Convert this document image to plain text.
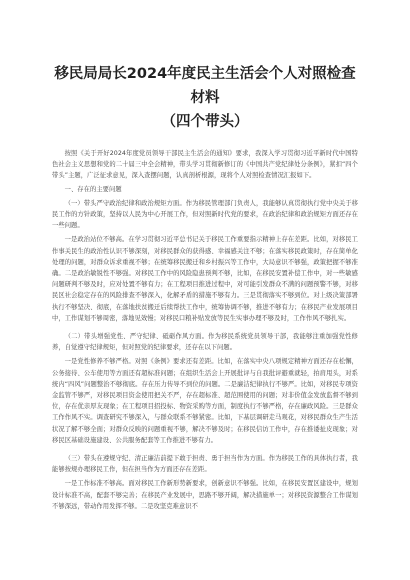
移民局局长2024年度民主生活会个人对照检查材料
（四个带头）

按照《关于开好2024年度党员领导干部民主生活会的通知》要求，我深入学习贯彻习近平新时代中国特色社会主义思想和党的二十届三中全会精神，带头学习贯彻新修订的《中国共产党纪律处分条例》，紧扣“四个带头”主题，广泛征求意见，深入查摆问题，认真剖析根源，现将个人对照检查情况汇报如下。

一、存在的主要问题

（一）带头严守政治纪律和政治规矩方面。作为移民管理部门负责人，我能够认真贯彻执行党中央关于移民工作的方针政策，坚持以人民为中心开展工作，但对照新时代党的要求，在政治纪律和政治规矩方面还存在一些问题。

一是政治站位不够高。在学习贯彻习近平总书记关于移民工作重要指示精神上存在差距。比如，对移民工作事关民生的政治性认识不够深刻，对移民群众的获得感、幸福感关注不够；在落实移民政策时，存在简单化处理的问题，对群众诉求重视不够；在统筹移民搬迁和乡村振兴等工作中，大局意识不够强，政策把握不够准确。二是政治敏锐性不够强。对移民工作中的风险隐患预判不够，比如，在移民安置补偿工作中，对一些敏感问题研判不够及时，应对处置不够有力；在工程项目推进过程中，对可能引发群众不满的问题预警不够，对移民区社会稳定存在的风险排查不够深入，化解矛盾的措施不够有力。三是贯彻落实不够到位。对上级决策部署执行不够坚决、彻底，在落地扶贫搬迁后续帮扶工作中，统筹协调不够，推进不够有力；在移民产业发展项目中，工作谋划不够周密，落地见效慢；对移民口粮补贴发放等民生实事办理不够及时，工作作风不够扎实。

（二）带头增强党性、严守纪律、砥砺作风方面。作为移民系统党员领导干部，我能够注重加强党性修养，自觉遵守纪律规矩，但对照党的纪律要求，还存在以下问题。

一是党性修养不够严格。对照《条例》要求还有差距。比如，在落实中央八项规定精神方面还存在松懈，公务接待、公车使用等方面还有超标准问题；在组织生活会上开展批评与自我批评避重就轻，拍肩甩头，对系统内“四风”问题整治不够彻底。存在压力传导不到位的问题。二是廉洁纪律执行不够严。比如，对移民专项资金监管不够严，对移民项目资金使用把关不严，存在超标准、超范围使用的问题；对非价值金发放监督不够到位，存在优亲厚友现象；在工程项目招投标、物资采购等方面，制度执行不够严格，存在廉政风险。三是群众工作作风不实。调查研究不够深入，与群众联系不够紧密。比如，下基层调研走马观花，对移民群众生产生活状况了解不够全面；对群众反映的问题重视不够，解决不够及时；在移民信访工作中，存在推诿扯皮现象；对移民区基础设施建设、公共服务配套等工作推进不够有力。

（三）带头在遵规守纪、清正廉洁前提下敢于担责、勇于担当作为方面。作为移民工作的具体执行者，我能够按规办理移民工作，但在担当作为方面还存在差距。

一是工作标准不够高。面对移民工作新形势新要求，创新意识不够强。比如，在移民安置区建设中，规划设计标准不高，配套不够完善；在移民产业发展中，思路不够开阔，解决措施单一；对移民资源整合工作谋划不够深远，带动作用发挥不够。二是攻坚克难意识不
